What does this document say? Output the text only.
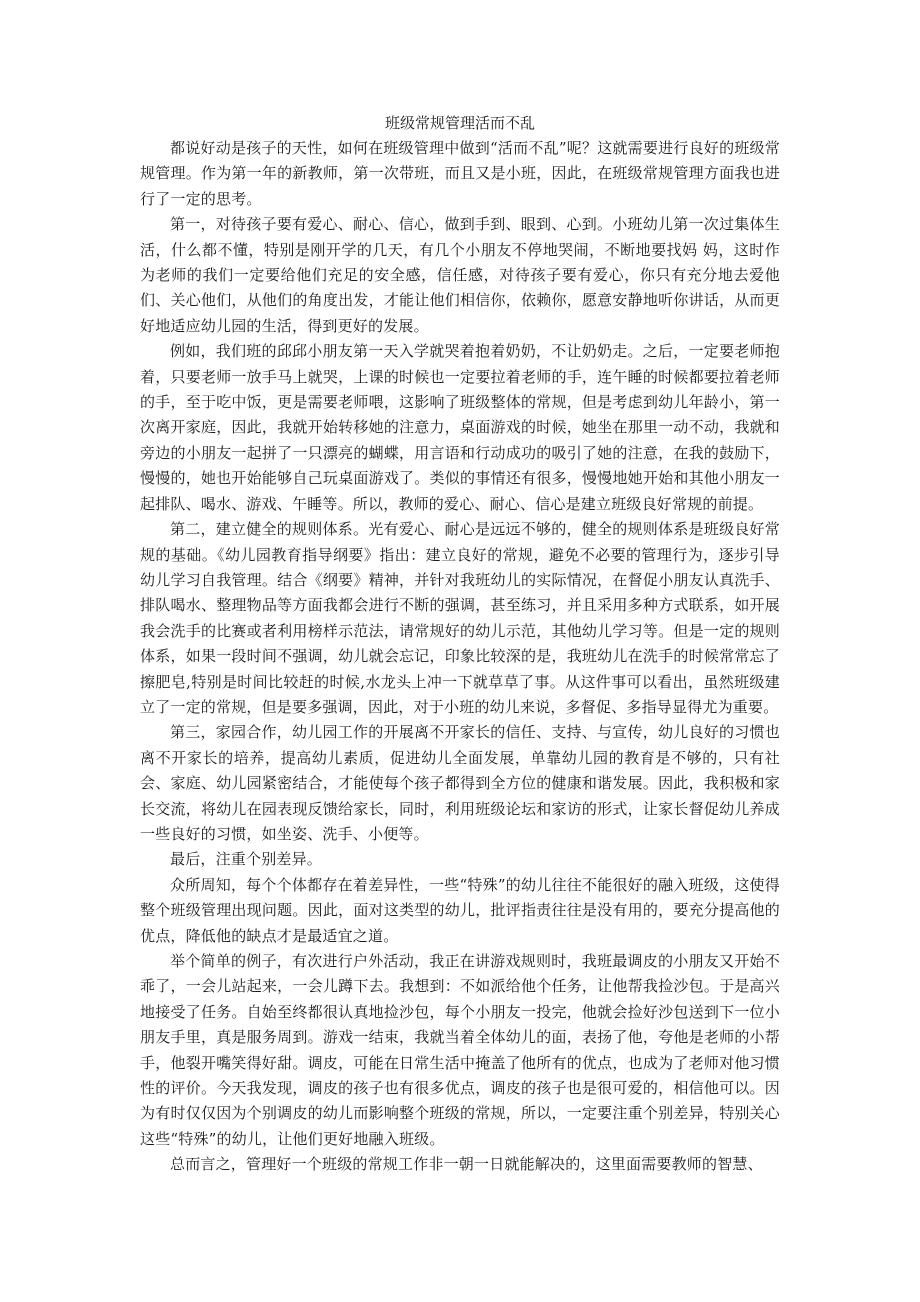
班级常规管理活而不乱

都说好动是孩子的天性，如何在班级管理中做到“活而不乱”呢？这就需要进行良好的班级常规管理。作为第一年的新教师，第一次带班，而且又是小班，因此，在班级常规管理方面我也进行了一定的思考。

第一，对待孩子要有爱心、耐心、信心，做到手到、眼到、心到。小班幼儿第一次过集体生活，什么都不懂，特别是刚开学的几天，有几个小朋友不停地哭闹，不断地要找妈 妈，这时作为老师的我们一定要给他们充足的安全感，信任感，对待孩子要有爱心，你只有充分地去爱他们、关心他们，从他们的角度出发，才能让他们相信你，依赖你，愿意安静地听你讲话，从而更好地适应幼儿园的生活，得到更好的发展。

例如，我们班的邱邱小朋友第一天入学就哭着抱着奶奶，不让奶奶走。之后，一定要老师抱着，只要老师一放手马上就哭，上课的时候也一定要拉着老师的手，连午睡的时候都要拉着老师的手，至于吃中饭，更是需要老师喂，这影响了班级整体的常规，但是考虑到幼儿年龄小，第一次离开家庭，因此，我就开始转移她的注意力，桌面游戏的时候，她坐在那里一动不动，我就和旁边的小朋友一起拼了一只漂亮的蝴蝶，用言语和行动成功的吸引了她的注意，在我的鼓励下，慢慢的，她也开始能够自己玩桌面游戏了。类似的事情还有很多，慢慢地她开始和其他小朋友一起排队、喝水、游戏、午睡等。所以，教师的爱心、耐心、信心是建立班级良好常规的前提。

第二，建立健全的规则体系。光有爱心、耐心是远远不够的，健全的规则体系是班级良好常规的基础。《幼儿园教育指导纲要》指出：建立良好的常规，避免不必要的管理行为，逐步引导幼儿学习自我管理。结合《纲要》精神，并针对我班幼儿的实际情况，在督促小朋友认真洗手、排队喝水、整理物品等方面我都会进行不断的强调，甚至练习，并且采用多种方式联系，如开展我会洗手的比赛或者利用榜样示范法，请常规好的幼儿示范，其他幼儿学习等。但是一定的规则体系，如果一段时间不强调，幼儿就会忘记，印象比较深的是，我班幼儿在洗手的时候常常忘了擦肥皂,特别是时间比较赶的时候,水龙头上冲一下就草草了事。从这件事可以看出，虽然班级建立了一定的常规，但是要多强调，因此，对于小班的幼儿来说，多督促、多指导显得尤为重要。

第三，家园合作，幼儿园工作的开展离不开家长的信任、支持、与宣传，幼儿良好的习惯也离不开家长的培养，提高幼儿素质，促进幼儿全面发展，单靠幼儿园的教育是不够的，只有社会、家庭、幼儿园紧密结合，才能使每个孩子都得到全方位的健康和谐发展。因此，我积极和家长交流，将幼儿在园表现反馈给家长，同时，利用班级论坛和家访的形式，让家长督促幼儿养成一些良好的习惯，如坐姿、洗手、小便等。

最后，注重个别差异。

众所周知，每个个体都存在着差异性，一些“特殊”的幼儿往往不能很好的融入班级，这使得整个班级管理出现问题。因此，面对这类型的幼儿，批评指责往往是没有用的，要充分提高他的优点，降低他的缺点才是最适宜之道。

举个简单的例子，有次进行户外活动，我正在讲游戏规则时，我班最调皮的小朋友又开始不乖了，一会儿站起来，一会儿蹲下去。我想到：不如派给他个任务，让他帮我捡沙包。于是高兴地接受了任务。自始至终都很认真地捡沙包，每个小朋友一投完，他就会捡好沙包送到下一位小朋友手里，真是服务周到。游戏一结束，我就当着全体幼儿的面，表扬了他，夸他是老师的小帮手，他裂开嘴笑得好甜。调皮，可能在日常生活中掩盖了他所有的优点，也成为了老师对他习惯性的评价。今天我发现，调皮的孩子也有很多优点，调皮的孩子也是很可爱的，相信他可以。因为有时仅仅因为个别调皮的幼儿而影响整个班级的常规，所以，一定要注重个别差异，特别关心这些“特殊”的幼儿，让他们更好地融入班级。

总而言之，管理好一个班级的常规工作非一朝一日就能解决的，这里面需要教师的智慧、
